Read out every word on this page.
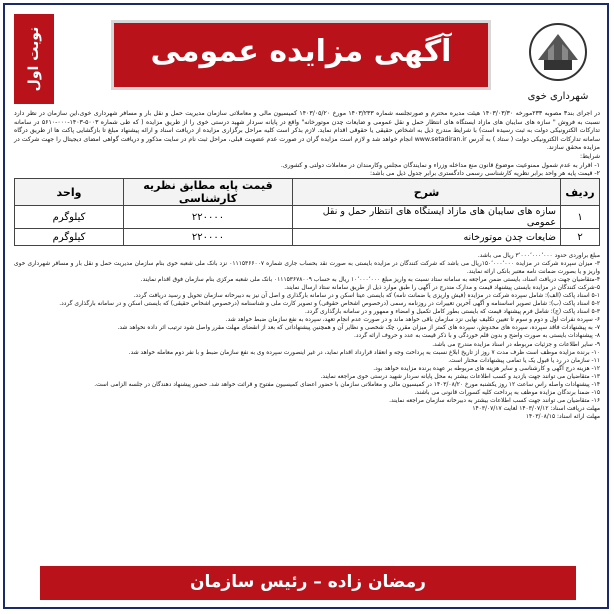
نوبت اول	آگهی مزایده عمومی
شهرداری خوی
در اجرای بند۳ مصوبه ۲۳۳مورخه ۱۴۰۳/۰۳/۳۰ هیئت مدیره محترم و صورتجلسه شماره ۱۴۰۳/۲۳۳ مورخ ۱۴۰۳/۰۵/۲۰ کمیسیون مالی و معاملاتی سازمان مدیریت حمل و نقل بار و مسافر شهرداری خوی،این سازمان در نظر دارد نسبت به فروش " سازه های سایبان های مازاد ایستگاه های انتظار حمل و نقل عمومی و ضایعات چدن موتورخانه" واقع در پایانه سردار شهید درستی خوی را از طریق مزایده ( که طی شماره ۵۰۰۳-۱۴۰۳-۰۰۰-۵۶۱۰ در سامانه تدارکات الکترونیکی دولت به ثبت رسیده است) با شرایط مندرج ذیل به اشخاص حقیقی یا حقوقی اقدام نماید. لازم بذکر است کلیه مراحل برگزاری مزایده از دریافت اسناد و ارائه پیشنهاد مبلغ تا بازگشایی پاکت ها از طریق درگاه سامانه تدارکات الکترونیکی دولت ( ستاد ) به آدرس www.setadiran.ir انجام خواهد شد و لازم است مزایده گران در صورت عدم عضویت قبلی، مراحل ثبت نام در سایت مذکور و دریافت گواهی امضای دیجیتال را جهت شرکت در مزایده محقق سازند.
شرایط:
۱- اقرار به عدم شمول ممنوعیت موضوع قانون منع مداخله وزراء و نمایندگان مجلس وکارمندان در معاملات دولتی و کشوری.
۲- قیمت پایه هر واحد برابر نظریه کارشناسی رسمی دادگستری برابر جدول ذیل می باشد:
ردیف	شرح	قیمت پایه مطابق نظریه کارشناسی	واحد
۱	سازه های سایبان های مازاد ایستگاه های انتظار حمل و نقل عمومی	۲۲۰۰۰۰	کیلوگرم
۲	ضایعات چدن موتورخانه	۲۲۰۰۰۰	کیلوگرم

مبلغ برآوردی حدود ۳٬۰۰۰٬۰۰۰٬۰۰۰ ریال می باشد.

۳- میزان سپرده شرکت در مزایده ۱۵۰٬۰۰۰٬۰۰۰ریال می باشد که شرکت کنندگان در مزایده بایستی به صورت نقد بحساب جاری شماره ۰۱۱۱۵۳۶۶۰۰۷ نزد بانک ملی شعبه خوی بنام سازمان مدیریت حمل و نقل بار و مسافر شهرداری خوی واریز و یا بصورت ضمانت نامه معتبر بانکی ارائه نمایند.

۴-متقاضیان جهت دریافت اسناد، بایستی ضمن مراجعه به سامانه ستاد نسبت به واریز مبلغ ۱۰٬۰۰۰٬۰۰۰ ریال به حساب ۰۱۱۱۵۳۶۷۸۰۰۹ بانک ملی شعبه مرکزی بنام سازمان فوق اقدام نمایند.

۵-شرکت کنندگان در مزایده بایستی پیشنهاد قیمت و مدارک مندرج در آگهی را طبق موارد ذیل از طریق سامانه ستاد ارسال نمایند.

۵-۱ اسناد پاکت (الف): شامل سپرده شرکت در مزایده (فیش واریزی یا ضمانت نامه) که بایستی عینا اسکن و در سامانه بارگذاری و اصل آن نیز به دبیرخانه سازمان تحویل و رسید دریافت گردد.

۵-۲ اسناد پاکت (ب): شامل تصویر اساسنامه و آگهی آخرین تغییرات در روزنامه رسمی (درخصوص اشخاص حقوقی) و تصویر کارت ملی و شناسنامه (درخصوص اشخاص حقیقی) که بایستی اسکن و در سامانه بارگذاری گردد.

۵-۳ اسناد پاکت (ج): شامل فرم پیشنهاد قیمت که بایستی بطور کامل تکمیل و امضاء و ممهور و در سامانه بارگذاری گردد.

۶- سپرده نفرات اول و دوم و سوم تا تعیین تکلیف نهایی نزد سازمان باقی خواهد ماند و در صورت عدم انجام تعهد، سپرده به نفع سازمان ضبط خواهد شد.

۷- به پیشنهادات فاقد سپرده، سپرده های مخدوش، سپرده های کمتر از میزان مقرر، چک شخصی و نظایر آن و همچنین پیشنهاداتی که بعد از انقضای مهلت مقرر واصل شود ترتیب اثر داده نخواهد شد.

۸- پیشنهادات بایستی به صورت واضح و بدون قلم خوردگی و با ذکر قیمت به عدد و حروف ارائه گردد.

۹- سایر اطلاعات و جزئیات مربوطه در اسناد مزایده مندرج می باشد.

۱۰- برنده مزایده موظف است ظرف مدت ۷ روز از تاریخ ابلاغ نسبت به پرداخت وجه و انعقاد قرارداد اقدام نماید، در غیر اینصورت سپرده وی به نفع سازمان ضبط و با نفر دوم معامله خواهد شد.

۱۱- سازمان در رد یا قبول یک یا تمامی پیشنهادات مختار است.

۱۲- هزینه درج آگهی و کارشناسی و سایر هزینه های مربوطه بر عهده برنده مزایده خواهد بود.

۱۳- متقاضیان می توانند جهت بازدید و کسب اطلاعات بیشتر به محل پایانه سردار شهید درستی خوی مراجعه نمایند.

۱۴- پیشنهادات واصله راس ساعت ۱۲ روز یکشنبه مورخ ۱۴۰۳/۰۸/۲۰ در کمیسیون مالی و معاملاتی سازمان با حضور اعضای کمیسیون مفتوح و قرائت خواهد شد. حضور پیشنهاد دهندگان در جلسه الزامی است.

۱۵- ضمنا برندگان مزایده موظف به پرداخت کلیه کسورات قانونی می باشند.

۱۶- متقاضیان می توانند جهت کسب اطلاعات بیشتر به دبیرخانه سازمان مراجعه نمایند.

مهلت دریافت اسناد: ۱۴۰۳/۰۷/۱۲ لغایت ۱۴۰۳/۰۷/۱۷

مهلت ارائه اسناد: ۱۴۰۳/۰۸/۱۵

رمضان زاده – رئیس سازمان
